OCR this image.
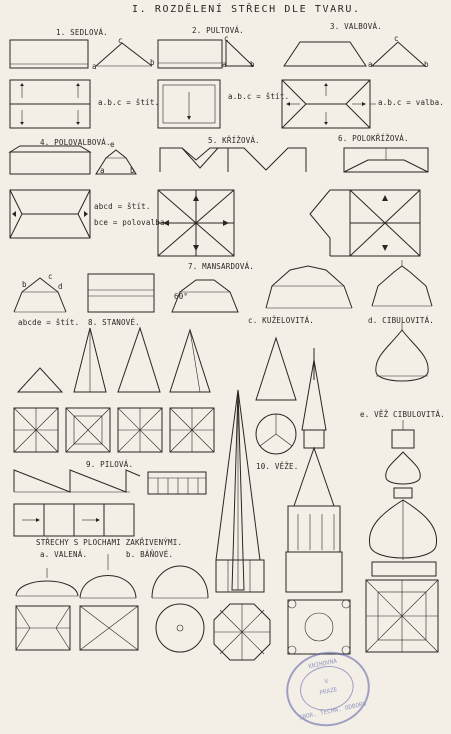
I. ROZDĚLENÍ STŘECH DLE TVARU.
1. SEDLOVÁ.	2. PULTOVÁ.	3. VALBOVÁ.
4. POLOVALBOVÁ.	5. KŘÍŽOVÁ.	6. POLOKŘÍŽOVÁ.
7. MANSARDOVÁ.
8. STANOVÉ.	c. KUŽELOVITÁ.	d. CIBULOVITÁ.
e. VĚŽ CIBULOVITÁ.
9. PILOVÁ.	10. VĚŽE.
STŘECHY S PLOCHAMI ZAKŘIVENÝMI.
a. VALENÁ.	b. BÁŇOVÉ.
a.b.c = štít.
a.b.c = štít.
a.b.c = valba.
abcd = štít.
bce = polovalba.
abcde = štít.
a	b
c
a	b
c
a	b
c
e
a	b
b	d
c
60°
KNIHOVNA
V
PRAZE
SBOR. TECHN. ODBORU
